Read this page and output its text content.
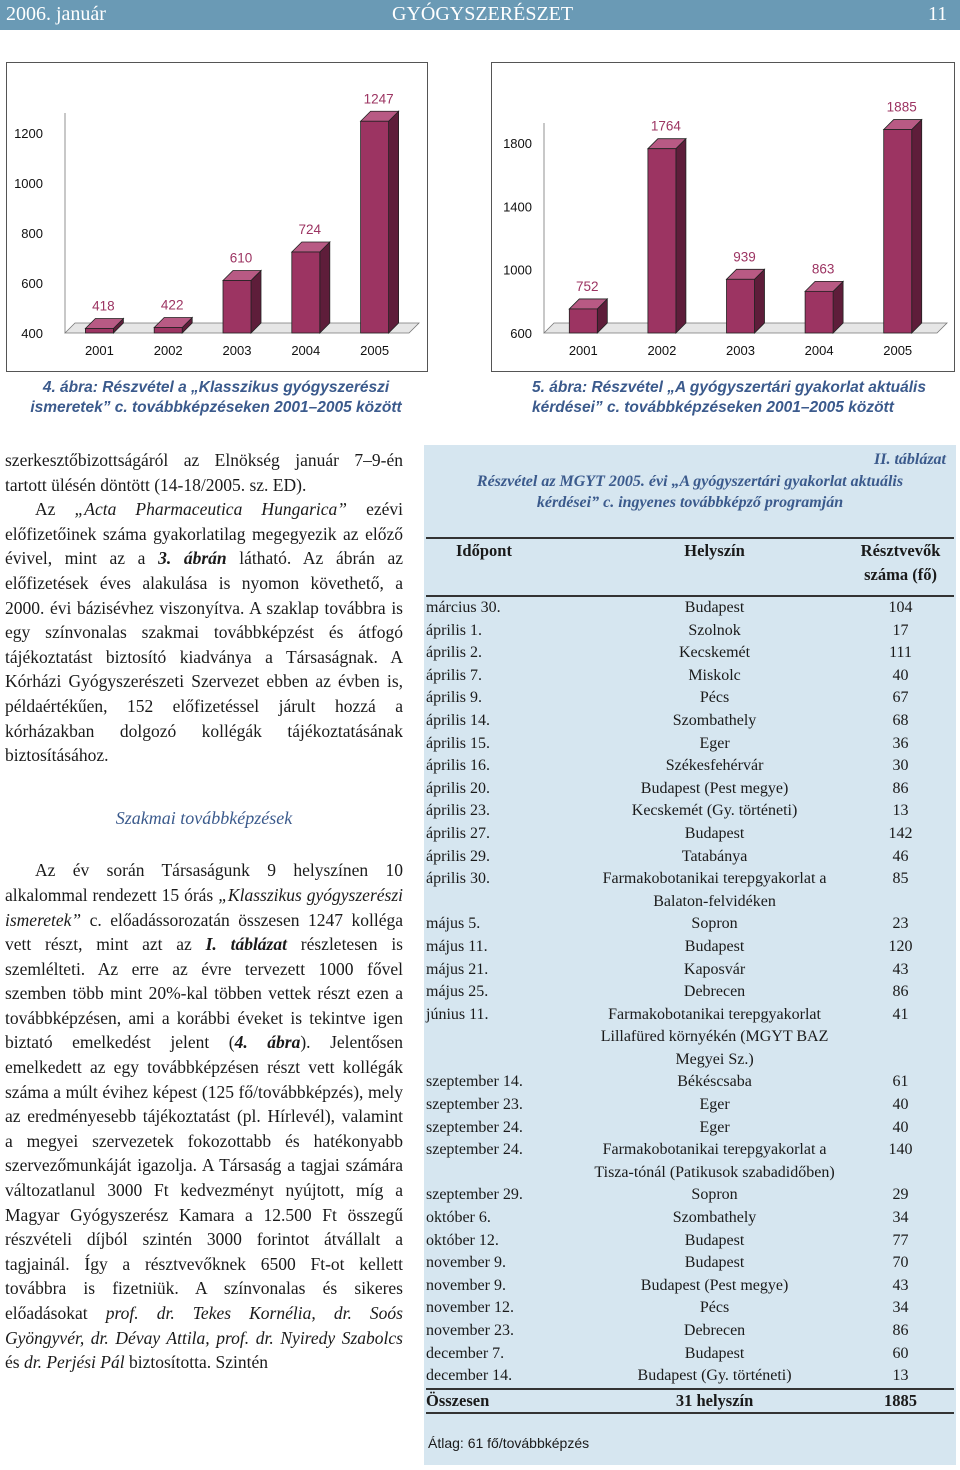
2006. január	GYÓGYSZERÉSZET	11
400
600
800
1000
1200
418
2001
422
2002
610
2003
724
2004
1247
2005
4. ábra: Részvétel a „Klasszikus gyógyszerészi
ismeretek” c. továbbképzéseken 2001–2005 között
600
1000
1400
1800
752
2001
1764
2002
939
2003
863
2004
1885
2005
5. ábra: Részvétel „A gyógyszertári gyakorlat aktuális
kérdései” c. továbbképzéseken 2001–2005 között

szerkesztőbizottságáról az Elnökség január 7–9-én tartott ülésén döntött (14-18/2005. sz. ED).

Az „Acta Pharmaceutica Hungarica” ezévi előfizetőinek száma gyakorlatilag megegyezik az előző évivel, mint az a 3. ábrán látható. Az ábrán az előfizetések éves alakulása is nyomon követhető, a 2000. évi bázisévhez viszonyítva. A szaklap továbbra is egy színvonalas szakmai továbbképzést és átfogó tájékoztatást biztosító kiadványa a Társaságnak. A Kórházi Gyógyszerészeti Szervezet ebben az évben is, példaértékűen, 152 előfizetéssel járult hozzá a kórházakban dolgozó kollégák tájékoztatásának biztosításához.

Szakmai továbbképzések

Az év során Társaságunk 9 helyszínen 10 alkalommal rendezett 15 órás „Klasszikus gyógyszerészi ismeretek” c. előadássorozatán összesen 1247 kolléga vett részt, mint azt az I. táblázat részletesen is szemlélteti. Az erre az évre tervezett 1000 fővel szemben több mint 20%-kal többen vettek részt ezen a továbbképzésen, ami a korábbi éveket is tekintve igen biztató emelkedést jelent (4. ábra). Jelentősen emelkedett az egy továbbképzésen részt vett kollégák száma a múlt évihez képest (125 fő/továbbképzés), mely az eredményesebb tájékoztatást (pl. Hírlevél), valamint a megyei szervezetek fokozottabb és hatékonyabb szervezőmunkáját igazolja. A Társaság a tagjai számára változatlanul 3000 Ft kedvezményt nyújtott, míg a Magyar Gyógyszerész Kamara a 12.500 Ft összegű részvételi díjból szintén 3000 forintot átvállalt a tagjainál. Így a résztvevőknek 6500 Ft-ot kellett továbbra is fizetniük. A színvonalas és sikeres előadásokat prof. dr. Tekes Kornélia, dr. Soós Gyöngyvér, dr. Dévay Attila, prof. dr. Nyiredy Szabolcs és dr. Perjési Pál biztosította. Szintén

II. táblázat
Részvétel az MGYT 2005. évi „A gyógyszertári gyakorlat aktuális
kérdései” c. ingyenes továbbképző programján
Időpont	Helyszín	Résztvevők száma (fő)
március 30.	Budapest	104
április 1.	Szolnok	17
április 2.	Kecskemét	111
április 7.	Miskolc	40
április 9.	Pécs	67
április 14.	Szombathely	68
április 15.	Eger	36
április 16.	Székesfehérvár	30
április 20.	Budapest (Pest megye)	86
április 23.	Kecskemét (Gy. történeti)	13
április 27.	Budapest	142
április 29.	Tatabánya	46
április 30.	Farmakobotanikai terepgyakorlat a Balaton-felvidéken	85
május 5.	Sopron	23
május 11.	Budapest	120
május 21.	Kaposvár	43
május 25.	Debrecen	86
június 11.	Farmakobotanikai terepgyakorlat Lillafüred környékén (MGYT BAZ Megyei Sz.)	41
szeptember 14.	Békéscsaba	61
szeptember 23.	Eger	40
szeptember 24.	Eger	40
szeptember 24.	Farmakobotanikai terepgyakorlat a Tisza-tónál (Patikusok szabadidőben)	140
szeptember 29.	Sopron	29
október 6.	Szombathely	34
október 12.	Budapest	77
november 9.	Budapest	70
november 9.	Budapest (Pest megye)	43
november 12.	Pécs	34
november 23.	Debrecen	86
december 7.	Budapest	60
december 14.	Budapest (Gy. történeti)	13
Összesen	31 helyszín	1885
Átlag: 61 fő/továbbképzés
